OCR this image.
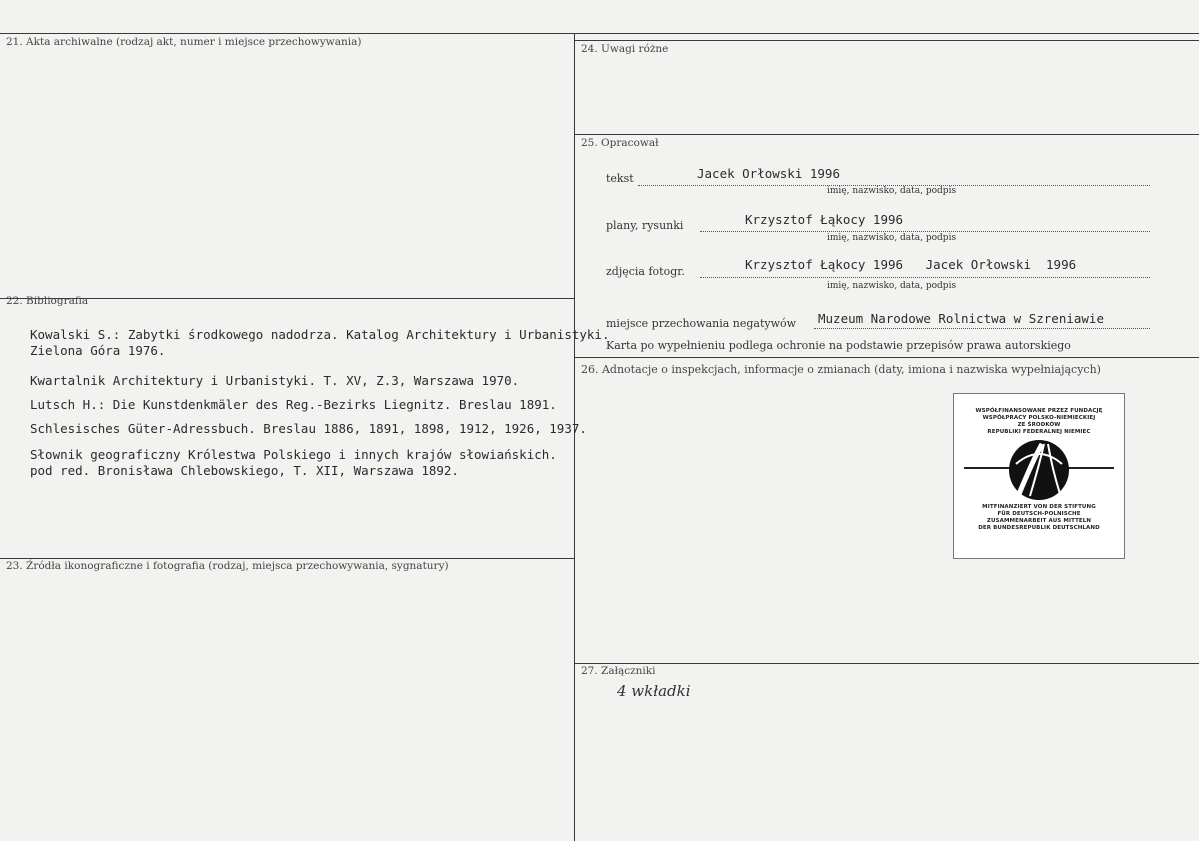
21. Akta archiwalne (rodzaj akt, numer i miejsce przechowywania)
22. Bibliografia
Kowalski S.: Zabytki środkowego nadodrza. Katalog Architektury i Urbanistyki.
Zielona Góra 1976.
Kwartalnik Architektury i Urbanistyki. T. XV, Z.3, Warszawa 1970.
Lutsch H.: Die Kunstdenkmäler des Reg.-Bezirks Liegnitz. Breslau 1891.
Schlesisches Güter-Adressbuch. Breslau 1886, 1891, 1898, 1912, 1926, 1937.
Słownik geograficzny Królestwa Polskiego i innych krajów słowiańskich.
pod red. Bronisława Chlebowskiego, T. XII, Warszawa 1892.
23. Źródła ikonograficzne i fotografia (rodzaj, miejsca przechowywania, sygnatury)
24. Uwagi różne
25. Opracował
tekst	Jacek Orłowski 1996
imię, nazwisko, data, podpis
plany, rysunki	Krzysztof Łąkocy 1996
imię, nazwisko, data, podpis
zdjęcia fotogr.	Krzysztof Łąkocy 1996   Jacek Orłowski  1996
imię, nazwisko, data, podpis
miejsce przechowania negatywów Muzeum Narodowe Rolnictwa w Szreniawie
Karta po wypełnieniu podlega ochronie na podstawie przepisów prawa autorskiego
26. Adnotacje o inspekcjach, informacje o zmianach (daty, imiona i nazwiska wypełniających)
WSPÓŁFINANSOWANE PRZEZ FUNDACJĘ
WSPÓŁPRACY POLSKO-NIEMIECKIEJ
ZE ŚRODKÓW
REPUBLIKI FEDERALNEJ NIEMIEC
MITFINANZIERT VON DER STIFTUNG
FÜR DEUTSCH-POLNISCHE
ZUSAMMENARBEIT AUS MITTELN
DER BUNDESREPUBLIK DEUTSCHLAND
27. Załączniki
4 wkładki
